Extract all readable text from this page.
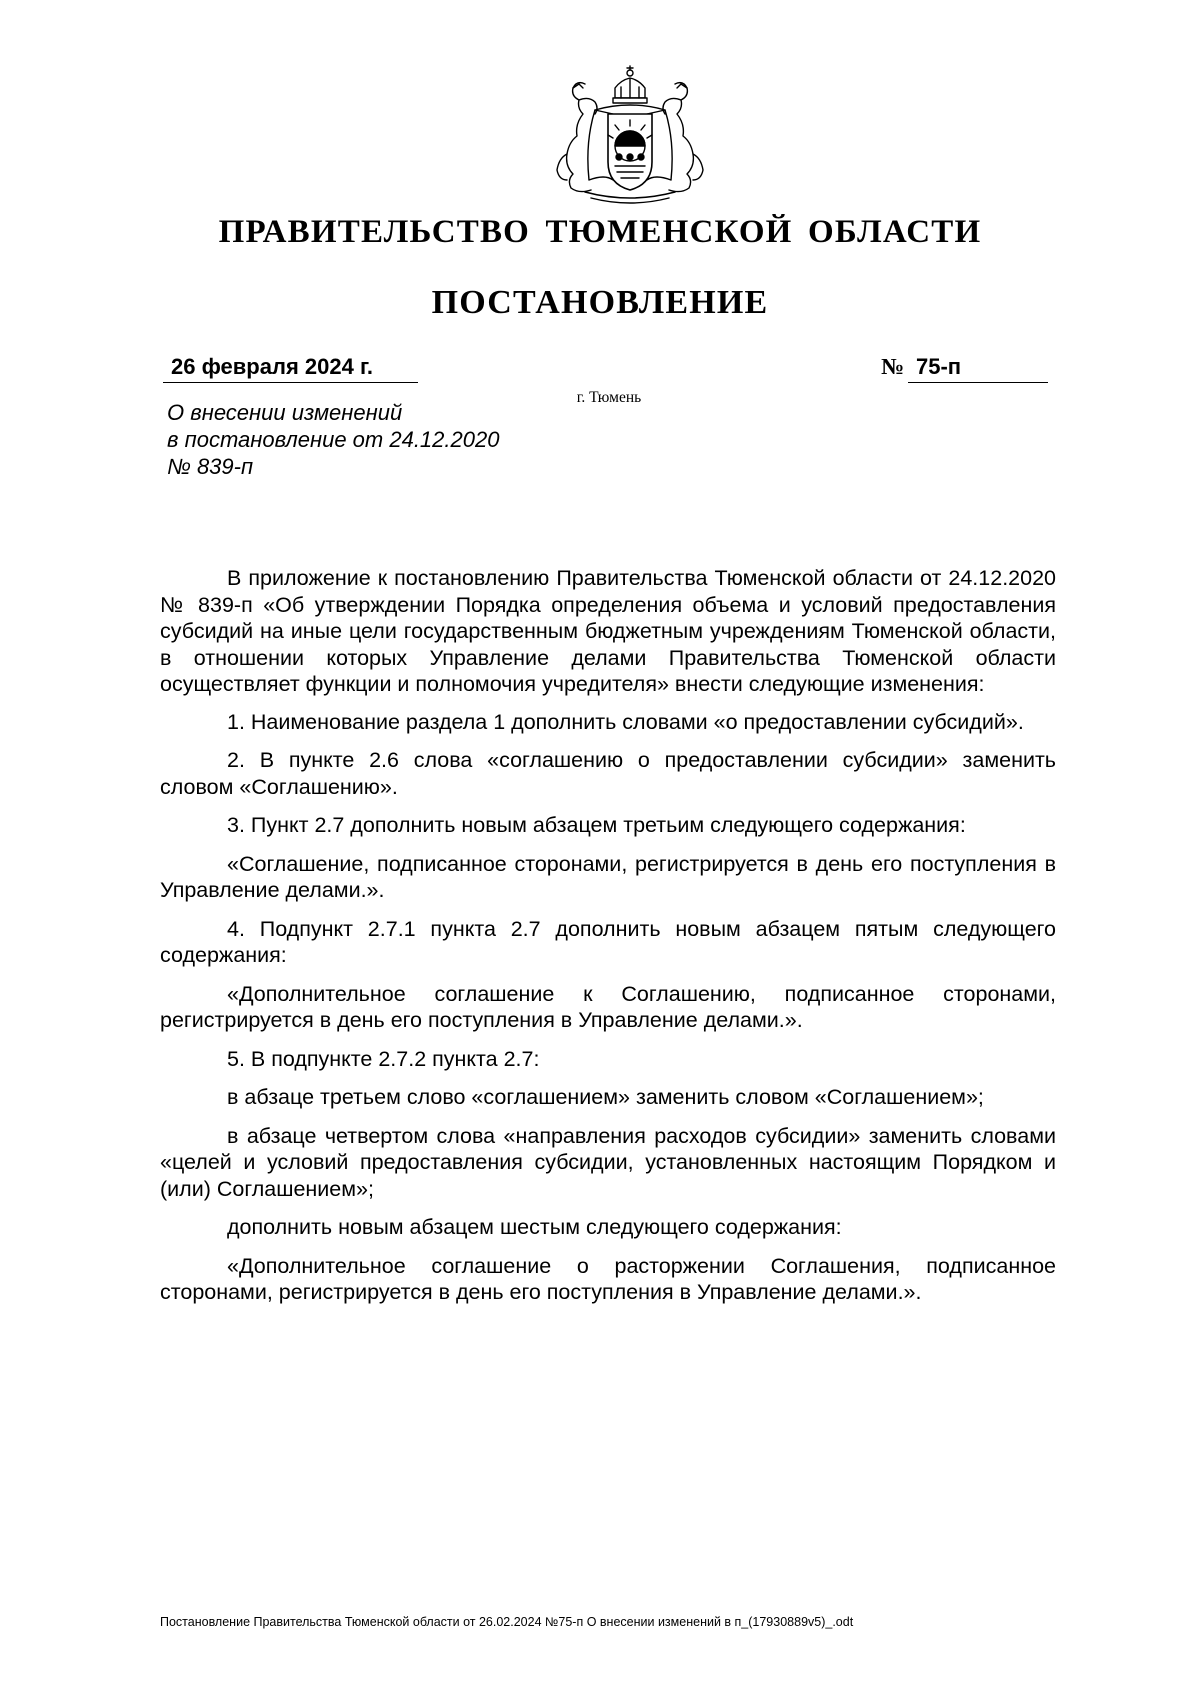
ПРАВИТЕЛЬСТВО ТЮМЕНСКОЙ ОБЛАСТИ
ПОСТАНОВЛЕНИЕ
26 февраля 2024 г.	№ 75-п
г. Тюмень
О внесении изменений
в постановление от 24.12.2020
№ 839-п

В приложение к постановлению Правительства Тюменской области от 24.12.2020 № 839-п «Об утверждении Порядка определения объема и условий предоставления субсидий на иные цели государственным бюджетным учреждениям Тюменской области, в отношении которых Управление делами Правительства Тюменской области осуществляет функции и полномочия учредителя» внести следующие изменения:

1. Наименование раздела 1 дополнить словами «о предоставлении субсидий».

2. В пункте 2.6 слова «соглашению о предоставлении субсидии» заменить словом «Соглашению».

3. Пункт 2.7 дополнить новым абзацем третьим следующего содержания:

«Соглашение, подписанное сторонами, регистрируется в день его поступления в Управление делами.».

4. Подпункт 2.7.1 пункта 2.7 дополнить новым абзацем пятым следующего содержания:

«Дополнительное соглашение к Соглашению, подписанное сторонами, регистрируется в день его поступления в Управление делами.».

5. В подпункте 2.7.2 пункта 2.7:

в абзаце третьем слово «соглашением» заменить словом «Соглашением»;

в абзаце четвертом слова «направления расходов субсидии» заменить словами «целей и условий предоставления субсидии, установленных настоящим Порядком и (или) Соглашением»;

дополнить новым абзацем шестым следующего содержания:

«Дополнительное соглашение о расторжении Соглашения, подписанное сторонами, регистрируется в день его поступления в Управление делами.».

Постановление Правительства Тюменской области от 26.02.2024 №75-п О внесении изменений в п_(17930889v5)_.odt
